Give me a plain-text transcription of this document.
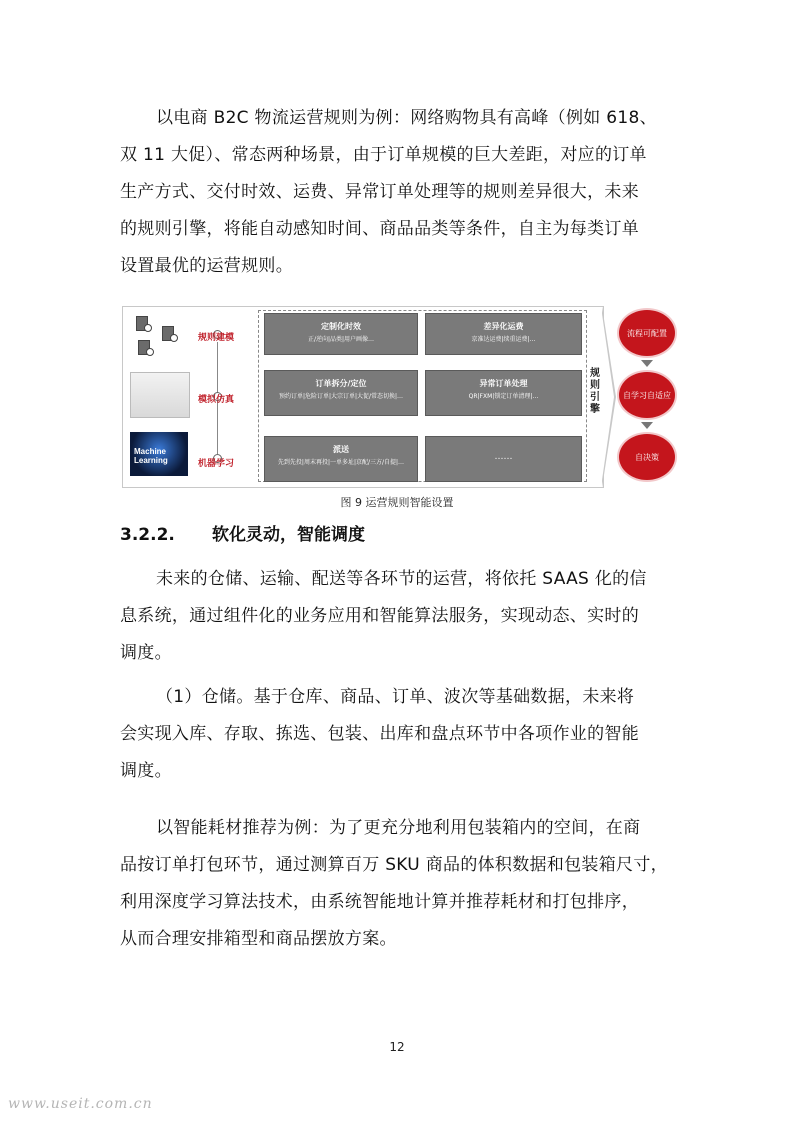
以电商 B2C 物流运营规则为例：网络购物具有高峰（例如 618、
双 11 大促）、常态两种场景，由于订单规模的巨大差距，对应的订单
生产方式、交付时效、运费、异常订单处理等的规则差异很大，未来
的规则引擎，将能自动感知时间、商品品类等条件，自主为每类订单
设置最优的运营规则。

Machine Learning
规则建模
模拟仿真
机器学习
定制化时效
正/逆向|品类|用户画像…
差异化运费
京准达运费|续重运费|…
订单拆分/定位
预约订单|危险订单|大宗订单|大促/常态切换|…
异常订单处理
QR|FXM|锁定订单清理|…
派送
先到先投|周末再投|一单多址|京配/三方/自提|…
……
规则引擎
流程可配置
自学习自适应
自决策
图 9 运营规则智能设置
3.2.2. 软化灵动，智能调度

未来的仓储、运输、配送等各环节的运营，将依托 SAAS 化的信
息系统，通过组件化的业务应用和智能算法服务，实现动态、实时的
调度。

（1）仓储。基于仓库、商品、订单、波次等基础数据，未来将
会实现入库、存取、拣选、包装、出库和盘点环节中各项作业的智能
调度。

以智能耗材推荐为例：为了更充分地利用包装箱内的空间，在商
品按订单打包环节，通过测算百万 SKU 商品的体积数据和包装箱尺寸，
利用深度学习算法技术，由系统智能地计算并推荐耗材和打包排序，
从而合理安排箱型和商品摆放方案。

12
www.useit.com.cn
